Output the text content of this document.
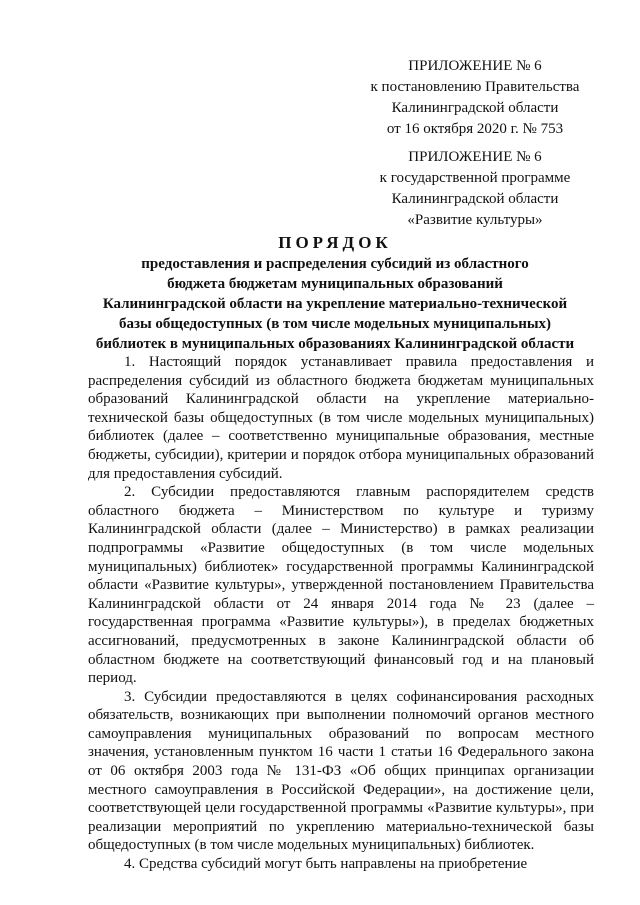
ПРИЛОЖЕНИЕ № 6
к постановлению Правительства
Калининградской области
от 16 октября 2020 г. № 753
ПРИЛОЖЕНИЕ № 6
к государственной программе
Калининградской области
«Развитие культуры»
ПОРЯДОК
предоставления и распределения субсидий из областного
бюджета бюджетам муниципальных образований
Калининградской области на укрепление материально-технической
базы общедоступных (в том числе модельных муниципальных)
библиотек в муниципальных образованиях Калининградской области

1. Настоящий порядок устанавливает правила предоставления и распределения субсидий из областного бюджета бюджетам муниципальных образований Калининградской области на укрепление материально-технической базы общедоступных (в том числе модельных муниципальных) библиотек (далее – соответственно муниципальные образования, местные бюджеты, субсидии), критерии и порядок отбора муниципальных образований для предоставления субсидий.

2. Субсидии предоставляются главным распорядителем средств областного бюджета – Министерством по культуре и туризму Калининградской области (далее – Министерство) в рамках реализации подпрограммы «Развитие общедоступных (в том числе модельных муниципальных) библиотек» государственной программы Калининградской области «Развитие культуры», утвержденной постановлением Правительства Калининградской области от 24 января 2014 года № 23 (далее – государственная программа «Развитие культуры»), в пределах бюджетных ассигнований, предусмотренных в законе Калининградской области об областном бюджете на соответствующий финансовый год и на плановый период.

3. Субсидии предоставляются в целях софинансирования расходных обязательств, возникающих при выполнении полномочий органов местного самоуправления муниципальных образований по вопросам местного значения, установленным пунктом 16 части 1 статьи 16 Федерального закона от 06 октября 2003 года № 131-ФЗ «Об общих принципах организации местного самоуправления в Российской Федерации», на достижение цели, соответствующей цели государственной программы «Развитие культуры», при реализации мероприятий по укреплению материально-технической базы общедоступных (в том числе модельных муниципальных) библиотек.

4. Средства субсидий могут быть направлены на приобретение
